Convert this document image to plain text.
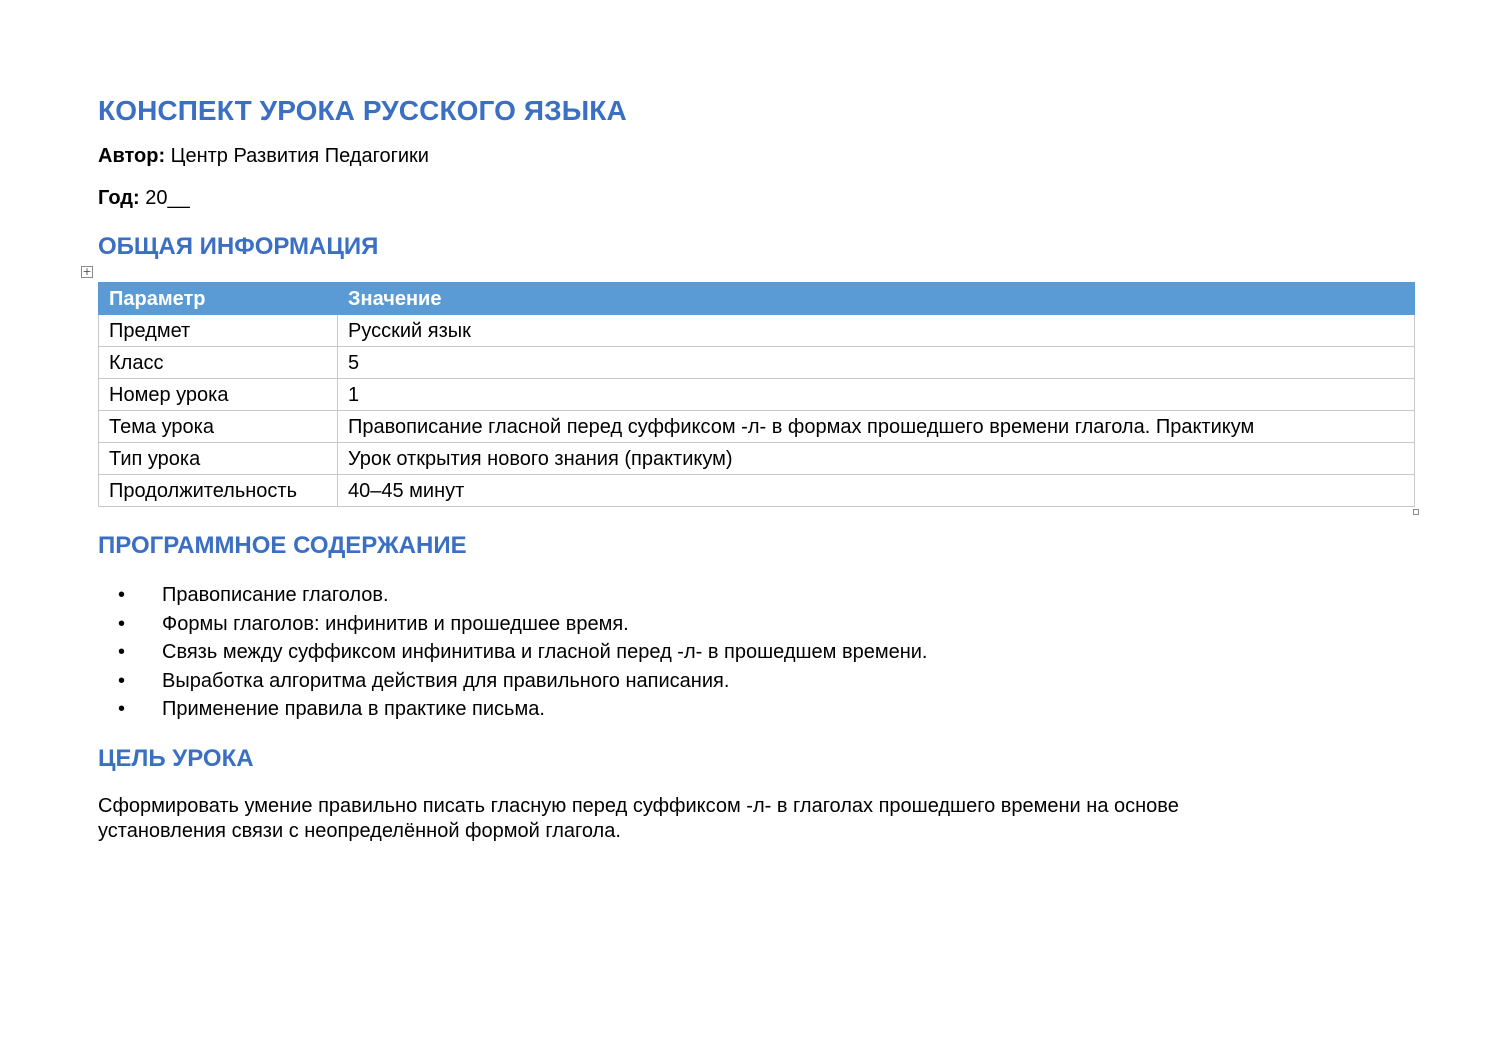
КОНСПЕКТ УРОКА РУССКОГО ЯЗЫКА

Автор: Центр Развития Педагогики

Год: 20__

ОБЩАЯ ИНФОРМАЦИЯ
+
Параметр	Значение
Предмет	Русский язык
Класс	5
Номер урока	1
Тема урока	Правописание гласной перед суффиксом -л- в формах прошедшего времени глагола. Практикум
Тип урока	Урок открытия нового знания (практикум)
Продолжительность	40–45 минут
ПРОГРАММНОЕ СОДЕРЖАНИЕ
• Правописание глаголов.
• Формы глаголов: инфинитив и прошедшее время.
• Связь между суффиксом инфинитива и гласной перед -л- в прошедшем времени.
• Выработка алгоритма действия для правильного написания.
• Применение правила в практике письма.
ЦЕЛЬ УРОКА

Сформировать умение правильно писать гласную перед суффиксом -л- в глаголах прошедшего времени на основе установления связи с неопределённой формой глагола.
